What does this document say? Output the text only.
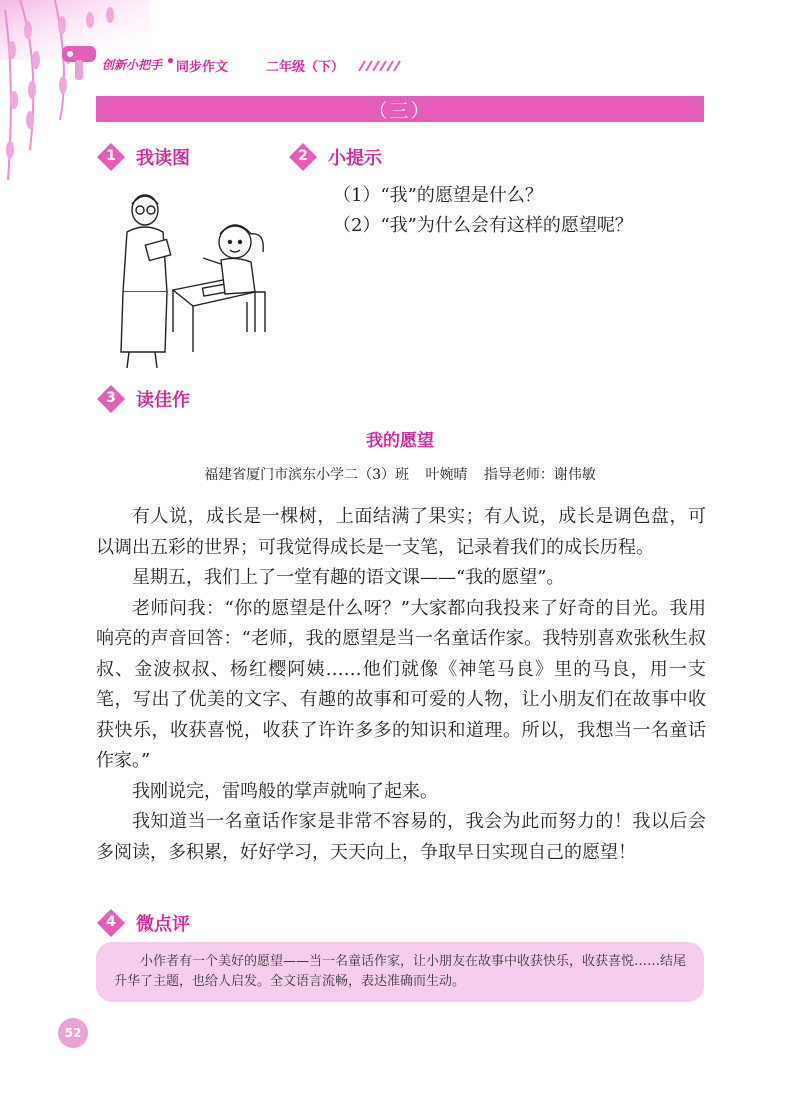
创新小把手 • 同步作文	二年级（下）
（三）
1	我读图	2	小提示
（1）“我”的愿望是什么？
（2）“我”为什么会有这样的愿望呢？
3	读佳作
我的愿望
福建省厦门市滨东小学二（3）班 叶婉晴 指导老师：谢伟敏

有人说，成长是一棵树，上面结满了果实；有人说，成长是调色盘，可以调出五彩的世界；可我觉得成长是一支笔，记录着我们的成长历程。

星期五，我们上了一堂有趣的语文课——“我的愿望”。

老师问我：“你的愿望是什么呀？”大家都向我投来了好奇的目光。我用响亮的声音回答：“老师，我的愿望是当一名童话作家。我特别喜欢张秋生叔叔、金波叔叔、杨红樱阿姨……他们就像《神笔马良》里的马良，用一支笔，写出了优美的文字、有趣的故事和可爱的人物，让小朋友们在故事中收获快乐，收获喜悦，收获了许许多多的知识和道理。所以，我想当一名童话作家。”

我刚说完，雷鸣般的掌声就响了起来。

我知道当一名童话作家是非常不容易的，我会为此而努力的！我以后会多阅读，多积累，好好学习，天天向上，争取早日实现自己的愿望！

4	微点评

小作者有一个美好的愿望——当一名童话作家，让小朋友在故事中收获快乐，收获喜悦……结尾升华了主题，也给人启发。全文语言流畅，表达准确而生动。

52
